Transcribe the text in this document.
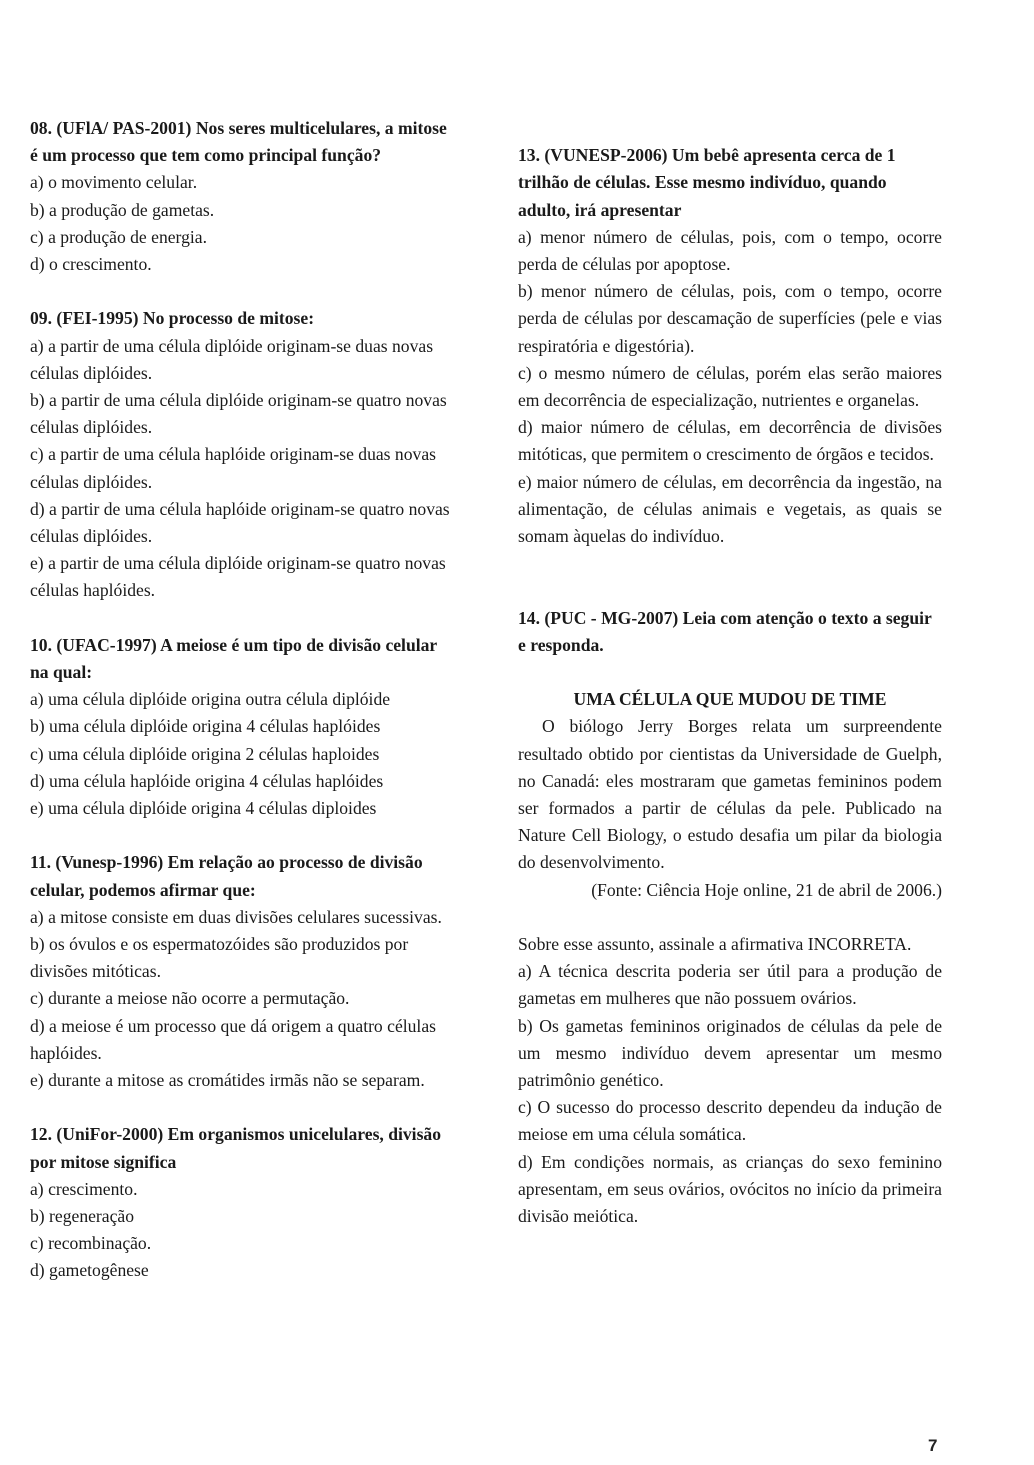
08. (UFlA/ PAS-2001) Nos seres multicelulares, a mitose é um processo que tem como principal função?

a) o movimento celular.

b) a produção de gametas.

c) a produção de energia.

d) o crescimento.

09. (FEI-1995) No processo de mitose:

a) a partir de uma célula diplóide originam-se duas novas células diplóides.

b) a partir de uma célula diplóide originam-se quatro novas células diplóides.

c) a partir de uma célula haplóide originam-se duas novas células diplóides.

d) a partir de uma célula haplóide originam-se quatro novas células diplóides.

e) a partir de uma célula diplóide originam-se quatro novas células haplóides.

10. (UFAC-1997) A meiose é um tipo de divisão celular na qual:

a) uma célula diplóide origina outra célula diplóide

b) uma célula diplóide origina 4 células haplóides

c) uma célula diplóide origina 2 células haploides

d) uma célula haplóide origina 4 células haplóides

e) uma célula diplóide origina 4 células diploides

11. (Vunesp-1996) Em relação ao processo de divisão celular, podemos afirmar que:

a) a mitose consiste em duas divisões celulares sucessivas.

b) os óvulos e os espermatozóides são produzidos por divisões mitóticas.

c) durante a meiose não ocorre a permutação.

d) a meiose é um processo que dá origem a quatro células haplóides.

e) durante a mitose as cromátides irmãs não se separam.

12. (UniFor-2000) Em organismos unicelulares, divisão por mitose significa

a) crescimento.

b) regeneração

c) recombinação.

d) gametogênese

13. (VUNESP-2006) Um bebê apresenta cerca de 1 trilhão de células. Esse mesmo indivíduo, quando adulto, irá apresentar

a) menor número de células, pois, com o tempo, ocorre perda de células por apoptose.

b) menor número de células, pois, com o tempo, ocorre perda de células por descamação de superfícies (pele e vias respiratória e digestória).

c) o mesmo número de células, porém elas serão maiores em decorrência de especialização, nutrientes e organelas.

d) maior número de células, em decorrência de divisões mitóticas, que permitem o crescimento de órgãos e tecidos.

e) maior número de células, em decorrência da ingestão, na alimentação, de células animais e vegetais, as quais se somam àquelas do indivíduo.

14. (PUC - MG-2007) Leia com atenção o texto a seguir e responda.

UMA CÉLULA QUE MUDOU DE TIME

O biólogo Jerry Borges relata um surpreendente resultado obtido por cientistas da Universidade de Guelph, no Canadá: eles mostraram que gametas femininos podem ser formados a partir de células da pele. Publicado na Nature Cell Biology, o estudo desafia um pilar da biologia do desenvolvimento.

(Fonte: Ciência Hoje online, 21 de abril de 2006.)

Sobre esse assunto, assinale a afirmativa INCORRETA.

a) A técnica descrita poderia ser útil para a produção de gametas em mulheres que não possuem ovários.

b) Os gametas femininos originados de células da pele de um mesmo indivíduo devem apresentar um mesmo patrimônio genético.

c) O sucesso do processo descrito dependeu da indução de meiose em uma célula somática.

d) Em condições normais, as crianças do sexo feminino apresentam, em seus ovários, ovócitos no início da primeira divisão meiótica.

7
